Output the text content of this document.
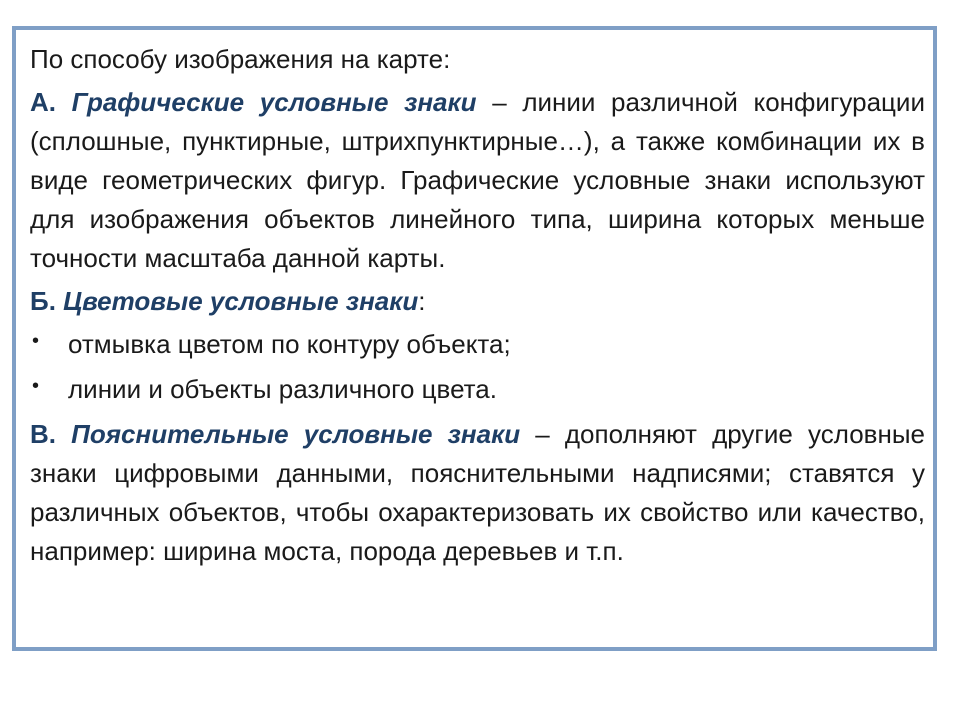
По способу изображения на карте:

А. Графические условные знаки – линии различной конфигурации (сплошные, пунктирные, штрихпунктирные…), а также комбинации их в виде геометрических фигур. Графические условные знаки используют для изображения объектов линейного типа, ширина которых меньше точности масштаба данной карты.

Б. Цветовые условные знаки:

•	отмывка цветом по контуру объекта;
•	линии и объекты различного цвета.

В. Пояснительные условные знаки – дополняют другие условные знаки цифровыми данными, пояснительными надписями; ставятся у различных объектов, чтобы охарактеризовать их свойство или качество, например: ширина моста, порода деревьев и т.п.
